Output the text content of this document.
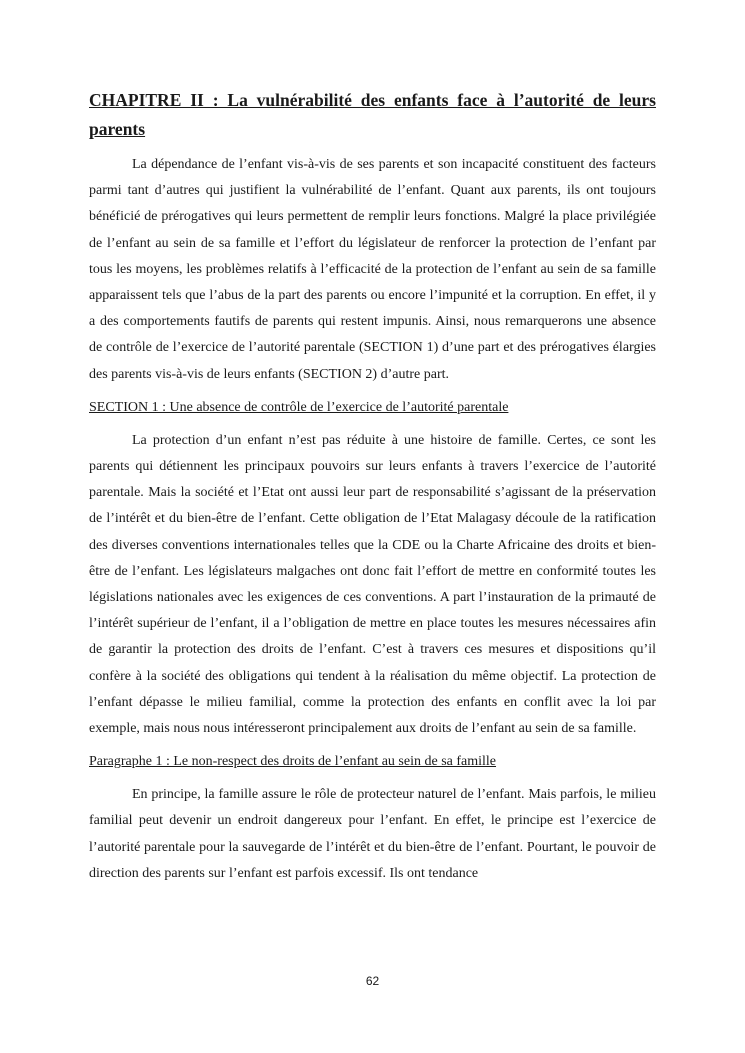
CHAPITRE II : La vulnérabilité des enfants face à l’autorité de leurs parents

La dépendance de l’enfant vis-à-vis de ses parents et son incapacité constituent des facteurs parmi tant d’autres qui justifient la vulnérabilité de l’enfant. Quant aux parents, ils ont toujours bénéficié de prérogatives qui leurs permettent de remplir leurs fonctions. Malgré la place privilégiée de l’enfant au sein de sa famille et l’effort du législateur de renforcer la protection de l’enfant par tous les moyens, les problèmes relatifs à l’efficacité de la protection de l’enfant au sein de sa famille apparaissent tels que l’abus de la part des parents ou encore l’impunité et la corruption. En effet, il y a des comportements fautifs de parents qui restent impunis. Ainsi, nous remarquerons une absence de contrôle de l’exercice de l’autorité parentale (SECTION 1) d’une part et des prérogatives élargies des parents vis-à-vis de leurs enfants (SECTION 2) d’autre part.

SECTION 1 : Une absence de contrôle de l’exercice de l’autorité parentale

La protection d’un enfant n’est pas réduite à une histoire de famille. Certes, ce sont les parents qui détiennent les principaux pouvoirs sur leurs enfants à travers l’exercice de l’autorité parentale. Mais la société et l’Etat ont aussi leur part de responsabilité s’agissant de la préservation de l’intérêt et du bien-être de l’enfant. Cette obligation de l’Etat Malagasy découle de la ratification des diverses conventions internationales telles que la CDE ou la Charte Africaine des droits et bien-être de l’enfant. Les législateurs malgaches ont donc fait l’effort de mettre en conformité toutes les législations nationales avec les exigences de ces conventions. A part l’instauration de la primauté de l’intérêt supérieur de l’enfant, il a l’obligation de mettre en place toutes les mesures nécessaires afin de garantir la protection des droits de l’enfant. C’est à travers ces mesures et dispositions qu’il confère à la société des obligations qui tendent à la réalisation du même objectif. La protection de l’enfant dépasse le milieu familial, comme la protection des enfants en conflit avec la loi par exemple, mais nous nous intéresseront principalement aux droits de l’enfant au sein de sa famille.

Paragraphe 1 : Le non-respect des droits de l’enfant au sein de sa famille

En principe, la famille assure le rôle de protecteur naturel de l’enfant. Mais parfois, le milieu familial peut devenir un endroit dangereux pour l’enfant. En effet, le principe est l’exercice de l’autorité parentale pour la sauvegarde de l’intérêt et du bien-être de l’enfant. Pourtant, le pouvoir de direction des parents sur l’enfant est parfois excessif. Ils ont tendance

62
